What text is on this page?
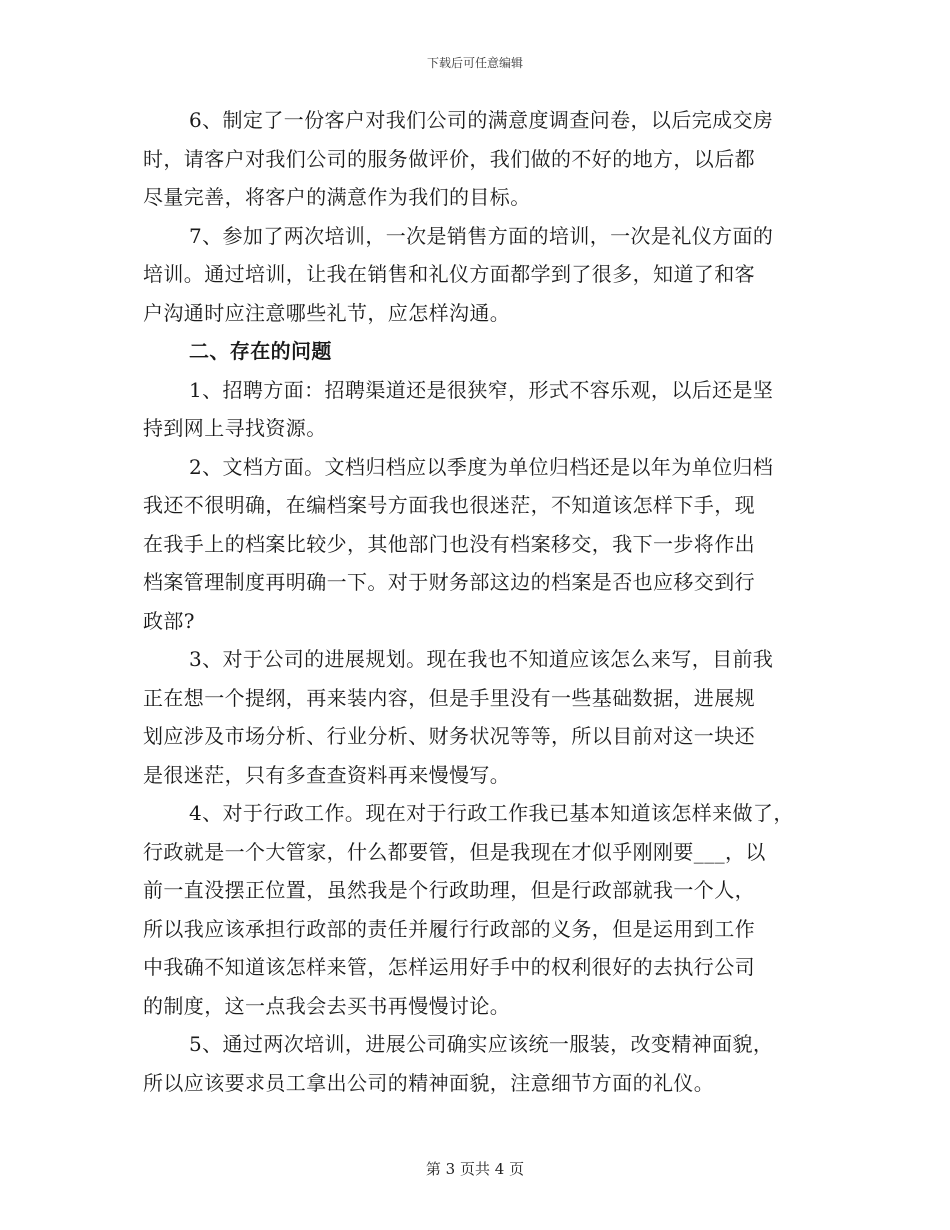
下载后可任意编辑
6、制定了一份客户对我们公司的满意度调查问卷，以后完成交房
时，请客户对我们公司的服务做评价，我们做的不好的地方，以后都
尽量完善，将客户的满意作为我们的目标。
7、参加了两次培训，一次是销售方面的培训，一次是礼仪方面的
培训。通过培训，让我在销售和礼仪方面都学到了很多，知道了和客
户沟通时应注意哪些礼节，应怎样沟通。
二、存在的问题
1、招聘方面：招聘渠道还是很狭窄，形式不容乐观，以后还是坚
持到网上寻找资源。
2、文档方面。文档归档应以季度为单位归档还是以年为单位归档
我还不很明确，在编档案号方面我也很迷茫，不知道该怎样下手，现
在我手上的档案比较少，其他部门也没有档案移交，我下一步将作出
档案管理制度再明确一下。对于财务部这边的档案是否也应移交到行
政部?
3、对于公司的进展规划。现在我也不知道应该怎么来写，目前我
正在想一个提纲，再来装内容，但是手里没有一些基础数据，进展规
划应涉及市场分析、行业分析、财务状况等等，所以目前对这一块还
是很迷茫，只有多查查资料再来慢慢写。
4、对于行政工作。现在对于行政工作我已基本知道该怎样来做了，
行政就是一个大管家，什么都要管，但是我现在才似乎刚刚要___，以
前一直没摆正位置，虽然我是个行政助理，但是行政部就我一个人，
所以我应该承担行政部的责任并履行行政部的义务，但是运用到工作
中我确不知道该怎样来管，怎样运用好手中的权利很好的去执行公司
的制度，这一点我会去买书再慢慢讨论。
5、通过两次培训，进展公司确实应该统一服装，改变精神面貌，
所以应该要求员工拿出公司的精神面貌，注意细节方面的礼仪。
第 3 页共 4 页
